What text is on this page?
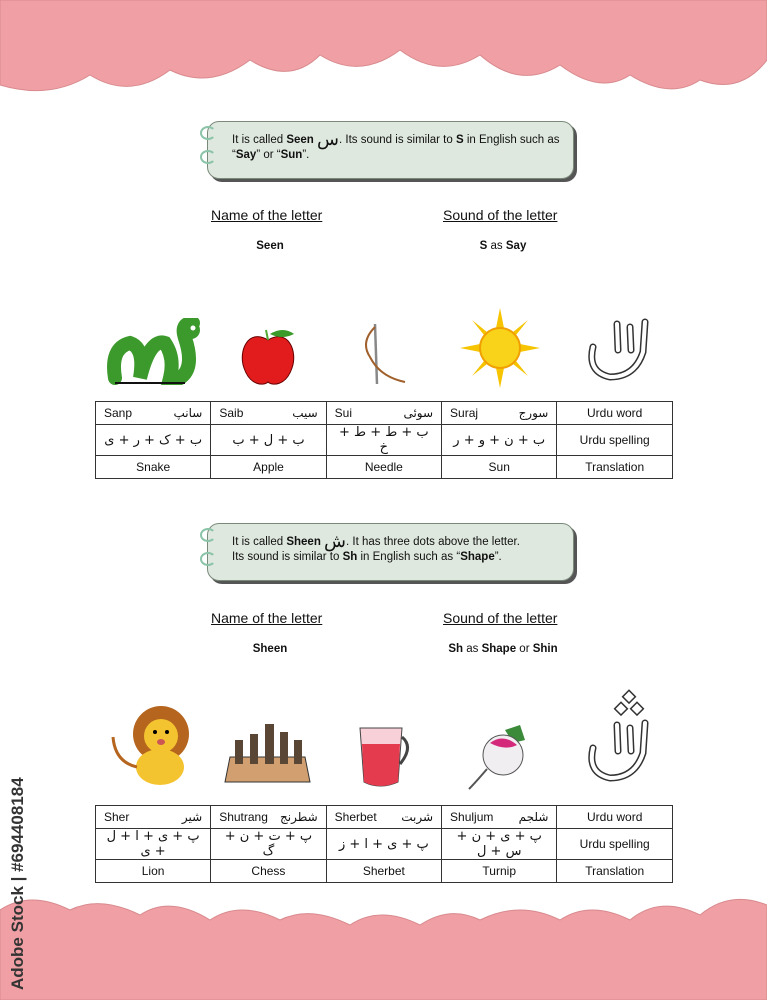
It is called Seen س. Its sound is similar to S in English such as “Say” or “Sun”.
Name of the letter	Sound of the letter
Seen	S as Say
Sanp سانپ	Saib سیب	Sui سوئی	Suraj سورج	Urdu word
ب + ک + ر + ی	ب + ل + ب	ب + ط + ط + خ	ب + ن + و + ر	Urdu spelling
Snake	Apple	Needle	Sun	Translation
It is called Sheen ش. It has three dots above the letter.
Its sound is similar to Sh in English such as “Shape”.
Name of the letter	Sound of the letter
Sheen	Sh as Shape or Shin
Sher شیر	Shutrang شطرنج	Sherbet شربت	Shuljum شلجم	Urdu word
پ + ی + ا + ل + ی	پ + ت + ن + گ	پ + ی + ا + ز	پ + ی + ن + س + ل	Urdu spelling
Lion	Chess	Sherbet	Turnip	Translation
Adobe Stock | #694408184
